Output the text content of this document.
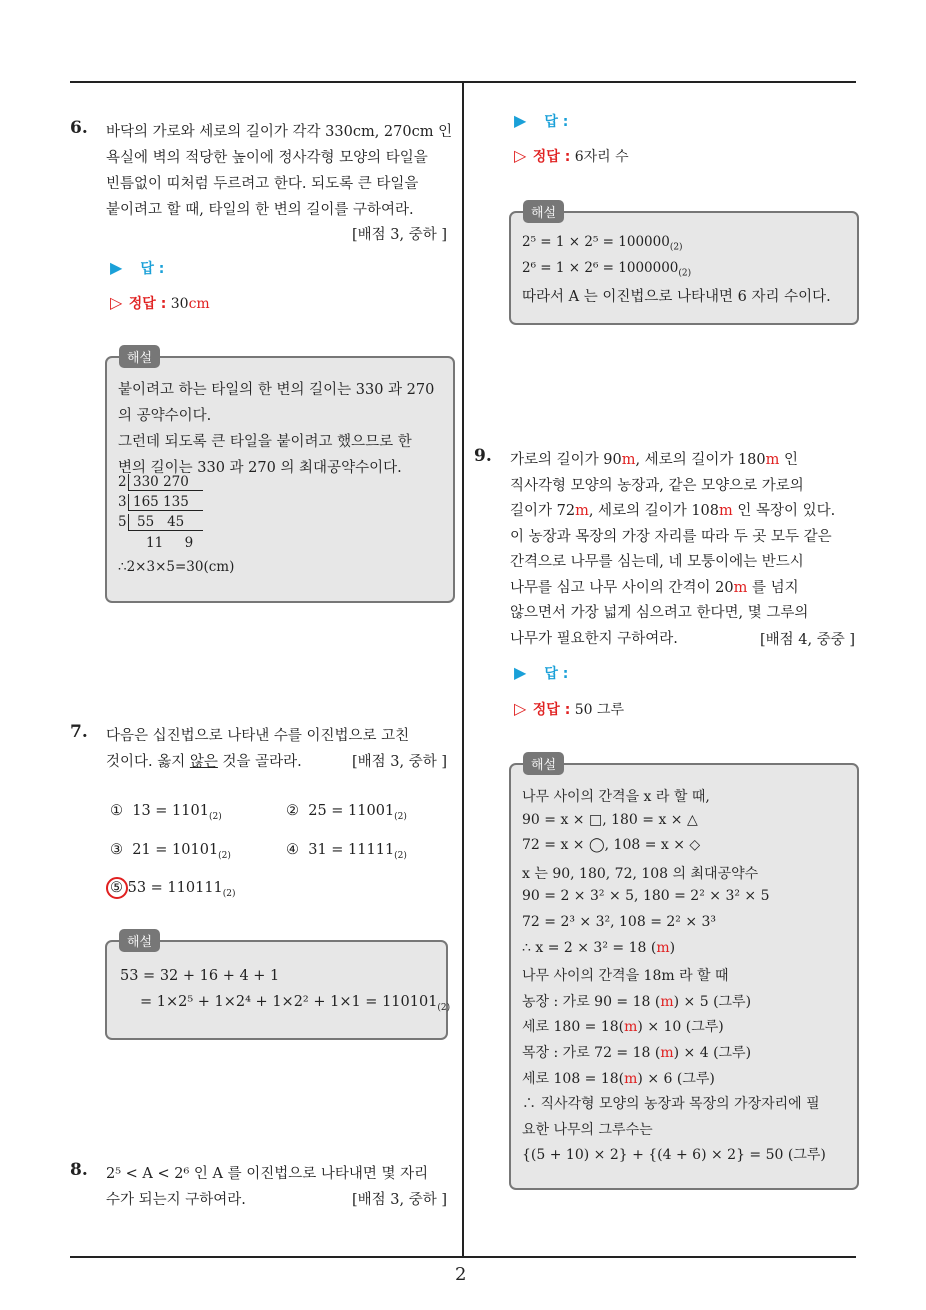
2
6. 바닥의 가로와 세로의 길이가 각각 330cm, 270cm 인
욕실에 벽의 적당한 높이에 정사각형 모양의 타일을
빈틈없이 띠처럼 두르려고 한다. 되도록 큰 타일을
붙이려고 할 때, 타일의 한 변의 길이를 구하여라.
[배점 3, 중하 ]
▶ 답 :
▷ 정답 : 30cm
해설
붙이려고 하는 타일의 한 변의 길이는 330 과 270
의 공약수이다.
그런데 되도록 큰 타일을 붙이려고 했으므로 한
변의 길이는 330 과 270 의 최대공약수이다.
2 330 270
3 165 135
5 55 45
11 9
∴2×3×5=30(cm)
7. 다음은 십진법으로 나타낸 수를 이진법으로 고친
것이다. 옳지 않은 것을 골라라.	[배점 3, 중하 ]
① $13 = 1101_{(2)}$	② $25 = 11001_{(2)}$
③ $21 = 10101_{(2)}$	④ $31 = 11111_{(2)}$
⑤ $53 = 110111_{(2)}$
해설
53 = 32 + 16 + 4 + 1
= $1\times 2^5 + 1\times 2^4 + 1\times 2^2 + 1\times 1 = 110101_{(2)}$
8. 2⁵ < A < 2⁶ 인 A 를 이진법으로 나타내면 몇 자리
수가 되는지 구하여라.	[배점 3, 중하 ]
▶ 답 :
▷ 정답 : 6자리 수
해설
$2^5 = 1 \times 2^5 = 100000_{(2)}$
$2^6 = 1 \times 2^6 = 1000000_{(2)}$
따라서 A 는 이진법으로 나타내면 6 자리 수이다.
9. 가로의 길이가 90m, 세로의 길이가 180m 인
직사각형 모양의 농장과, 같은 모양으로 가로의
길이가 72m, 세로의 길이가 108m 인 목장이 있다.
이 농장과 목장의 가장 자리를 따라 두 곳 모두 같은
간격으로 나무를 심는데, 네 모퉁이에는 반드시
나무를 심고 나무 사이의 간격이 20m 를 넘지
않으면서 가장 넓게 심으려고 한다면, 몇 그루의
나무가 필요한지 구하여라.	[배점 4, 중중 ]
▶ 답 :
▷ 정답 : 50 그루
해설
나무 사이의 간격을 x 라 할 때,
90 = x × □, 180 = x × △
72 = x × ◯, 108 = x × ◇
x 는 90, 180, 72, 108 의 최대공약수
90 = 2 × 3² × 5, 180 = 2² × 3² × 5
72 = 2³ × 3², 108 = 2² × 3³
∴ x = 2 × 3² = 18 (m)
나무 사이의 간격을 18m 라 할 때
농장 : 가로 90 = 18 (m) × 5 (그루)
세로 180 = 18(m) × 10 (그루)
목장 : 가로 72 = 18 (m) × 4 (그루)
세로 108 = 18(m) × 6 (그루)
∴ 직사각형 모양의 농장과 목장의 가장자리에 필
요한 나무의 그루수는
{(5 + 10) × 2} + {(4 + 6) × 2} = 50 (그루)
